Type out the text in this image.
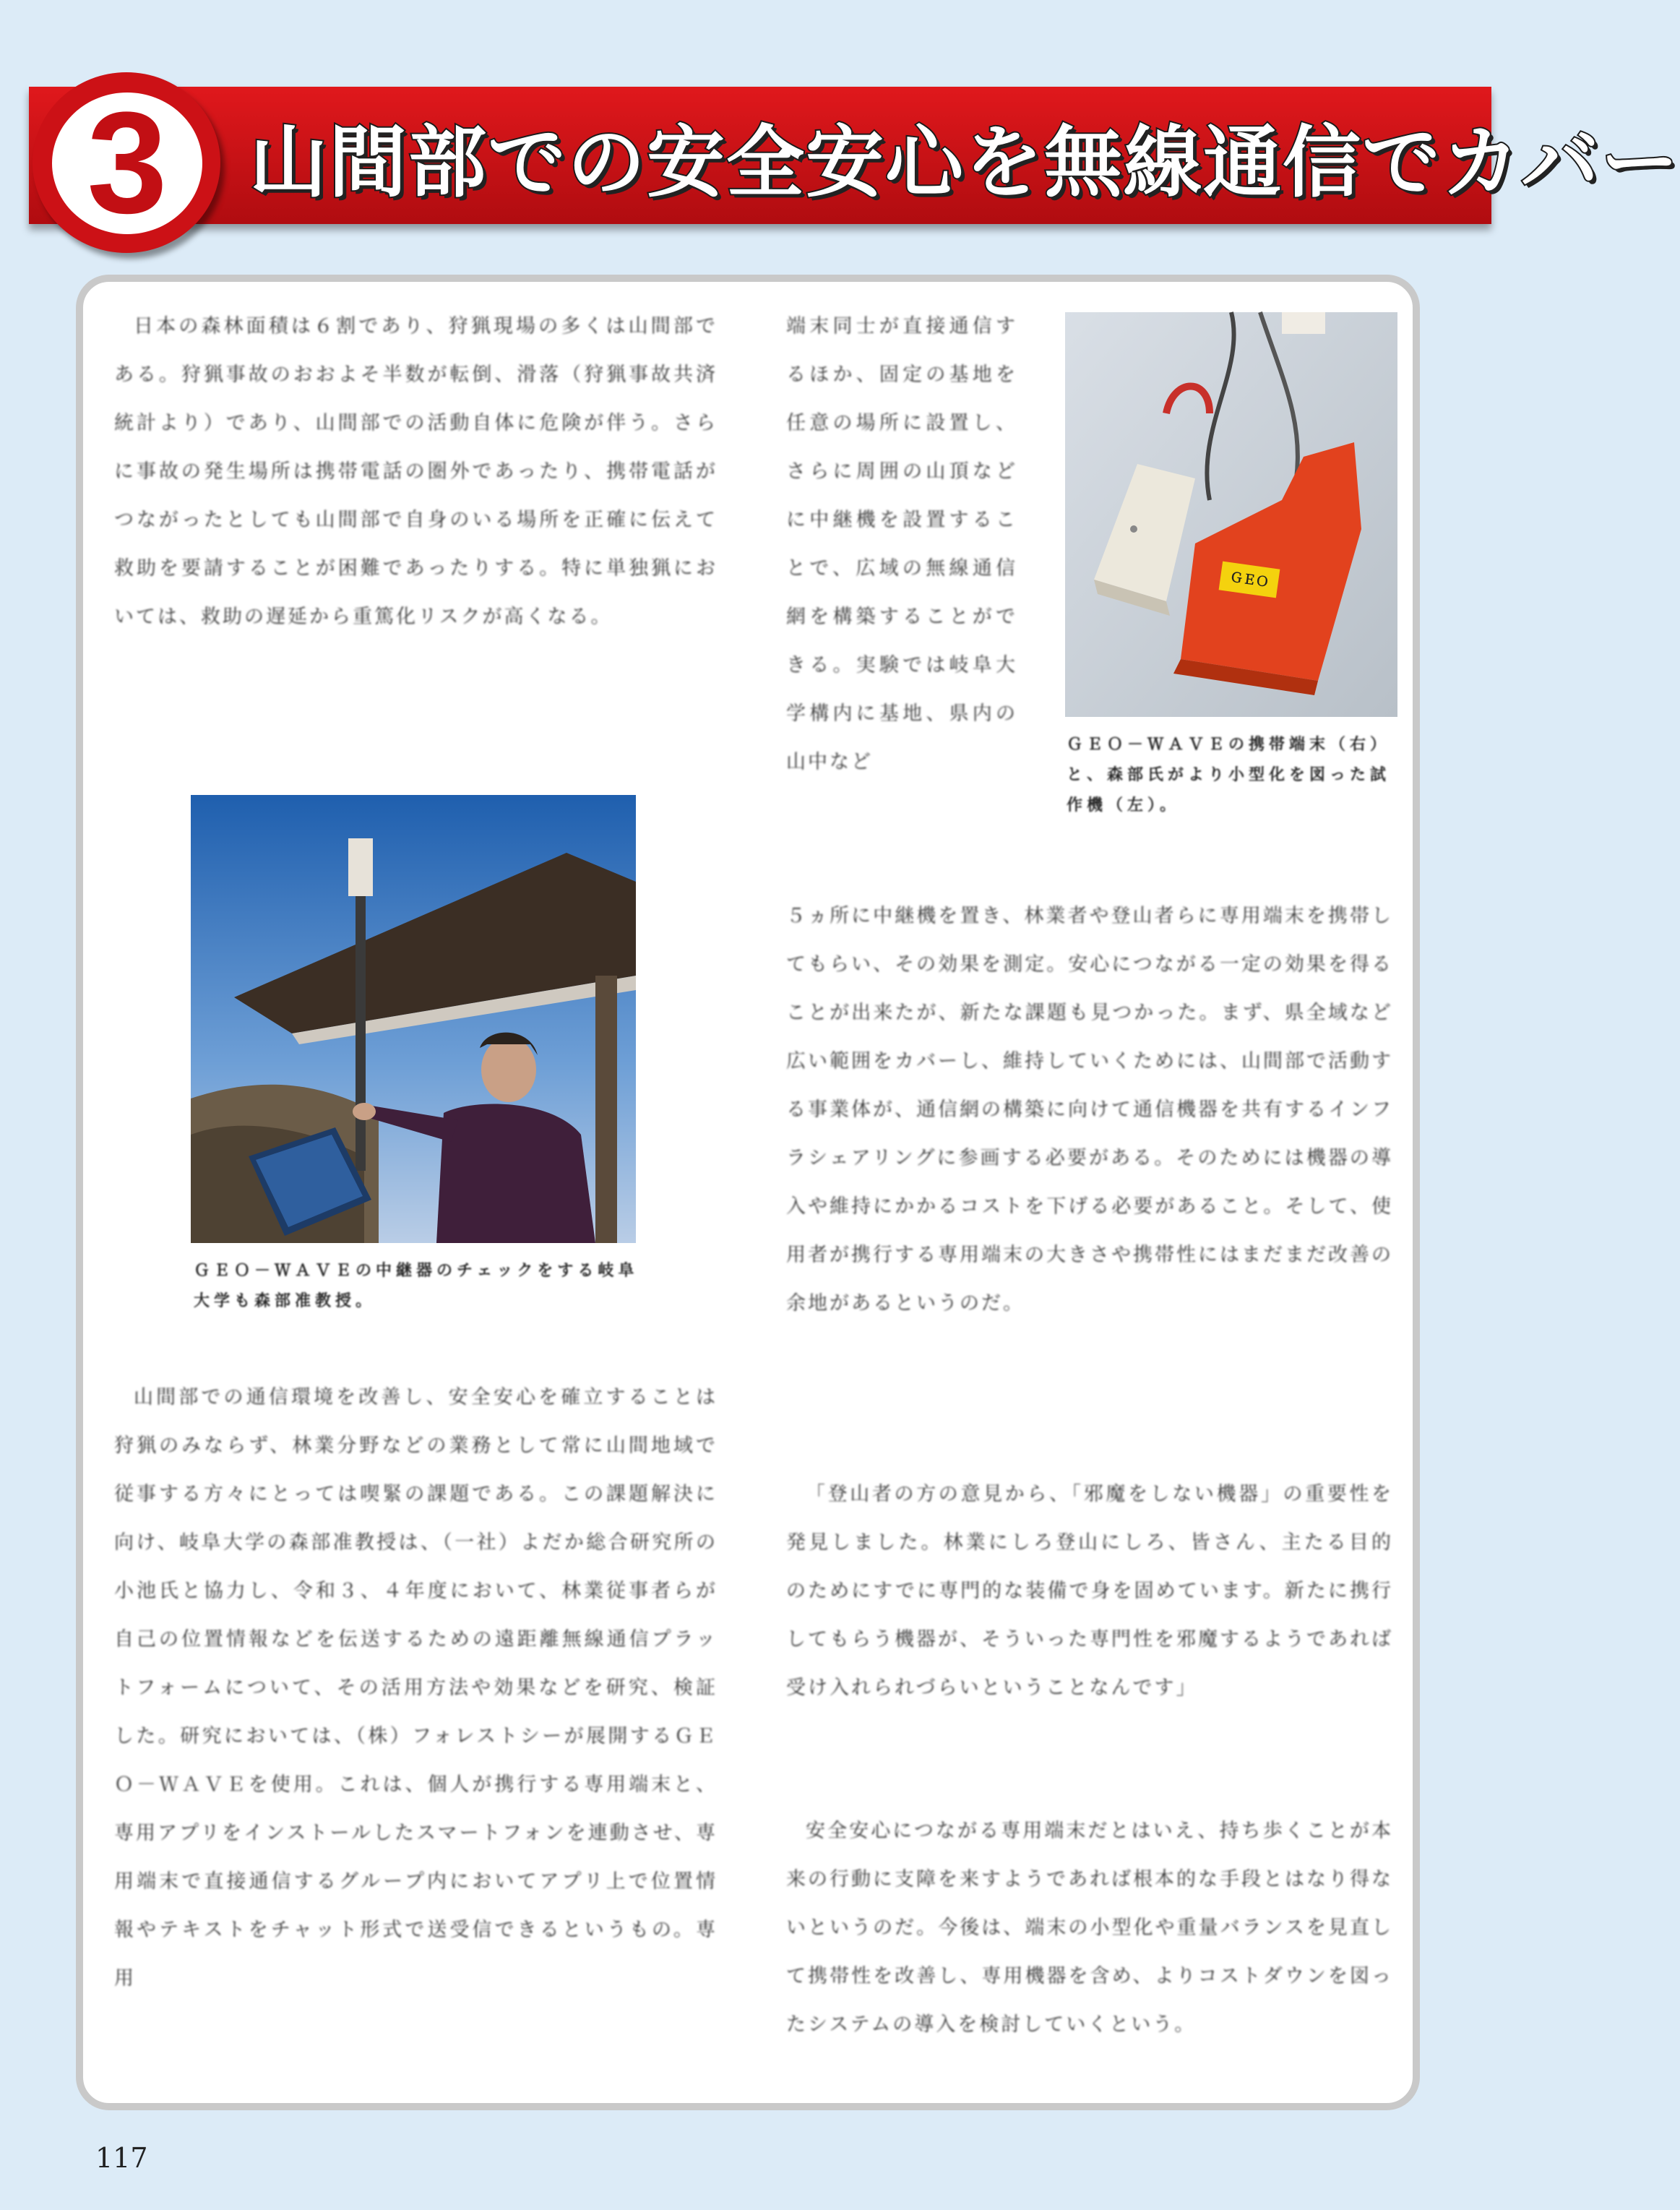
3 山間部での安全安心を無線通信でカバー

日本の森林面積は６割であり、狩猟現場の多くは山間部である。狩猟事故のおおよそ半数が転倒、滑落（狩猟事故共済統計より）であり、山間部での活動自体に危険が伴う。さらに事故の発生場所は携帯電話の圏外であったり、携帯電話がつながったとしても山間部で自身のいる場所を正確に伝えて救助を要請することが困難であったりする。特に単独猟においては、救助の遅延から重篤化リスクが高くなる。

ＧＥＯ－ＷＡＶＥの中継器のチェックをする岐阜大学も森部准教授。

山間部での通信環境を改善し、安全安心を確立することは狩猟のみならず、林業分野などの業務として常に山間地域で従事する方々にとっては喫緊の課題である。この課題解決に向け、岐阜大学の森部准教授は、（一社）よだか総合研究所の小池氏と協力し、令和３、４年度において、林業従事者らが自己の位置情報などを伝送するための遠距離無線通信プラットフォームについて、その活用方法や効果などを研究、検証した。研究においては、（株）フォレストシーが展開するＧＥＯ－ＷＡＶＥを使用。これは、個人が携行する専用端末と、専用アプリをインストールしたスマートフォンを連動させ、専用端末で直接通信するグループ内においてアプリ上で位置情報やテキストをチャット形式で送受信できるというもの。専用

端末同士が直接通信するほか、固定の基地を任意の場所に設置し、さらに周囲の山頂などに中継機を設置することで、広域の無線通信網を構築することができる。実験では岐阜大学構内に基地、県内の山中など

ＧＥＯ
ＧＥＯ－ＷＡＶＥの携帯端末（右）と、森部氏がより小型化を図った試作機（左）。

５ヵ所に中継機を置き、林業者や登山者らに専用端末を携帯してもらい、その効果を測定。安心につながる一定の効果を得ることが出来たが、新たな課題も見つかった。まず、県全域など広い範囲をカバーし、維持していくためには、山間部で活動する事業体が、通信網の構築に向けて通信機器を共有するインフラシェアリングに参画する必要がある。そのためには機器の導入や維持にかかるコストを下げる必要があること。そして、使用者が携行する専用端末の大きさや携帯性にはまだまだ改善の余地があるというのだ。

「登山者の方の意見から、「邪魔をしない機器」の重要性を発見しました。林業にしろ登山にしろ、皆さん、主たる目的のためにすでに専門的な装備で身を固めています。新たに携行してもらう機器が、そういった専門性を邪魔するようであれば受け入れられづらいということなんです」

安全安心につながる専用端末だとはいえ、持ち歩くことが本来の行動に支障を来すようであれば根本的な手段とはなり得ないというのだ。今後は、端末の小型化や重量バランスを見直して携帯性を改善し、専用機器を含め、よりコストダウンを図ったシステムの導入を検討していくという。

117
